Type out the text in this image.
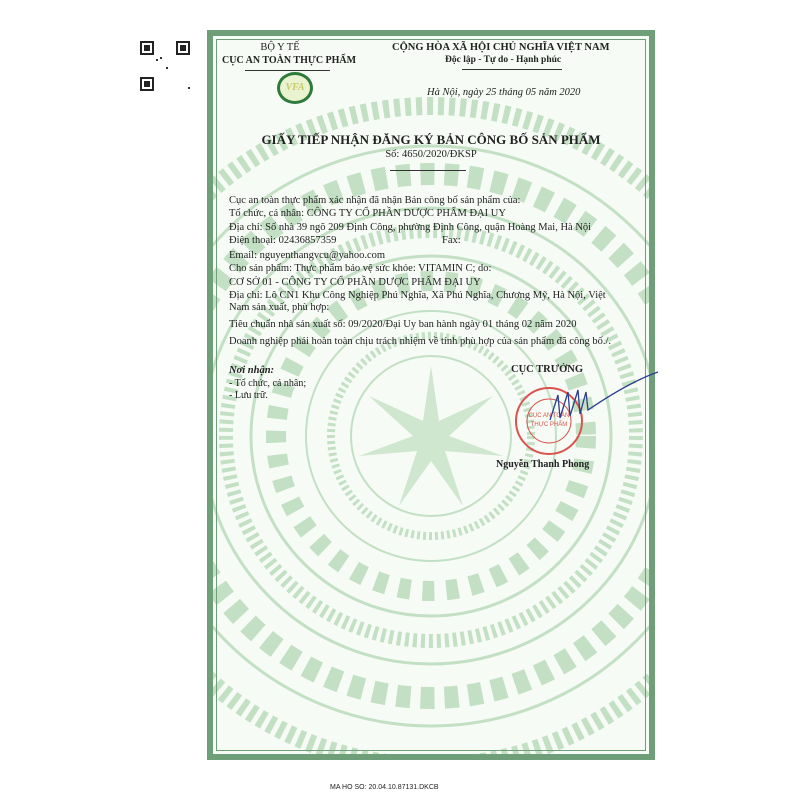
BỘ Y TẾ
CỤC AN TOÀN THỰC PHẨM
VFA
CỘNG HÒA XÃ HỘI CHỦ NGHĨA VIỆT NAM
Độc lập - Tự do - Hạnh phúc
Hà Nội, ngày 25 tháng 05 năm 2020
GIẤY TIẾP NHẬN ĐĂNG KÝ BẢN CÔNG BỐ SẢN PHẨM
Số: 4650/2020/ĐKSP
Cục an toàn thực phẩm xác nhận đã nhận Bản công bố sản phẩm của:
Tổ chức, cá nhân: CÔNG TY CỔ PHẦN DƯỢC PHẨM ĐẠI UY
Địa chỉ: Số nhà 39 ngõ 209 Định Công, phường Định Công, quận Hoàng Mai, Hà Nội
Điện thoại: 02436857359	Fax:
Email: nguyenthangvcu@yahoo.com
Cho sản phẩm: Thực phẩm bảo vệ sức khỏe: VITAMIN C; do:
CƠ SỞ 01 - CÔNG TY CỔ PHẦN DƯỢC PHẨM ĐẠI UY
Địa chỉ: Lô CN1 Khu Công Nghiệp Phú Nghĩa, Xã Phú Nghĩa, Chương Mỹ, Hà Nội, Việt
Nam sản xuất, phù hợp:
Tiêu chuẩn nhà sản xuất số: 09/2020/Đại Uy ban hành ngày 01 tháng 02 năm 2020
Doanh nghiệp phải hoàn toàn chịu trách nhiệm về tính phù hợp của sản phẩm đã công bố./.
Nơi nhận:
- Tổ chức, cá nhân;
- Lưu trữ.
CỤC TRƯỞNG
CỤC AN TOÀN
THỰC PHẨM
Nguyễn Thanh Phong
MA HO SO: 20.04.10.87131.DKCB
